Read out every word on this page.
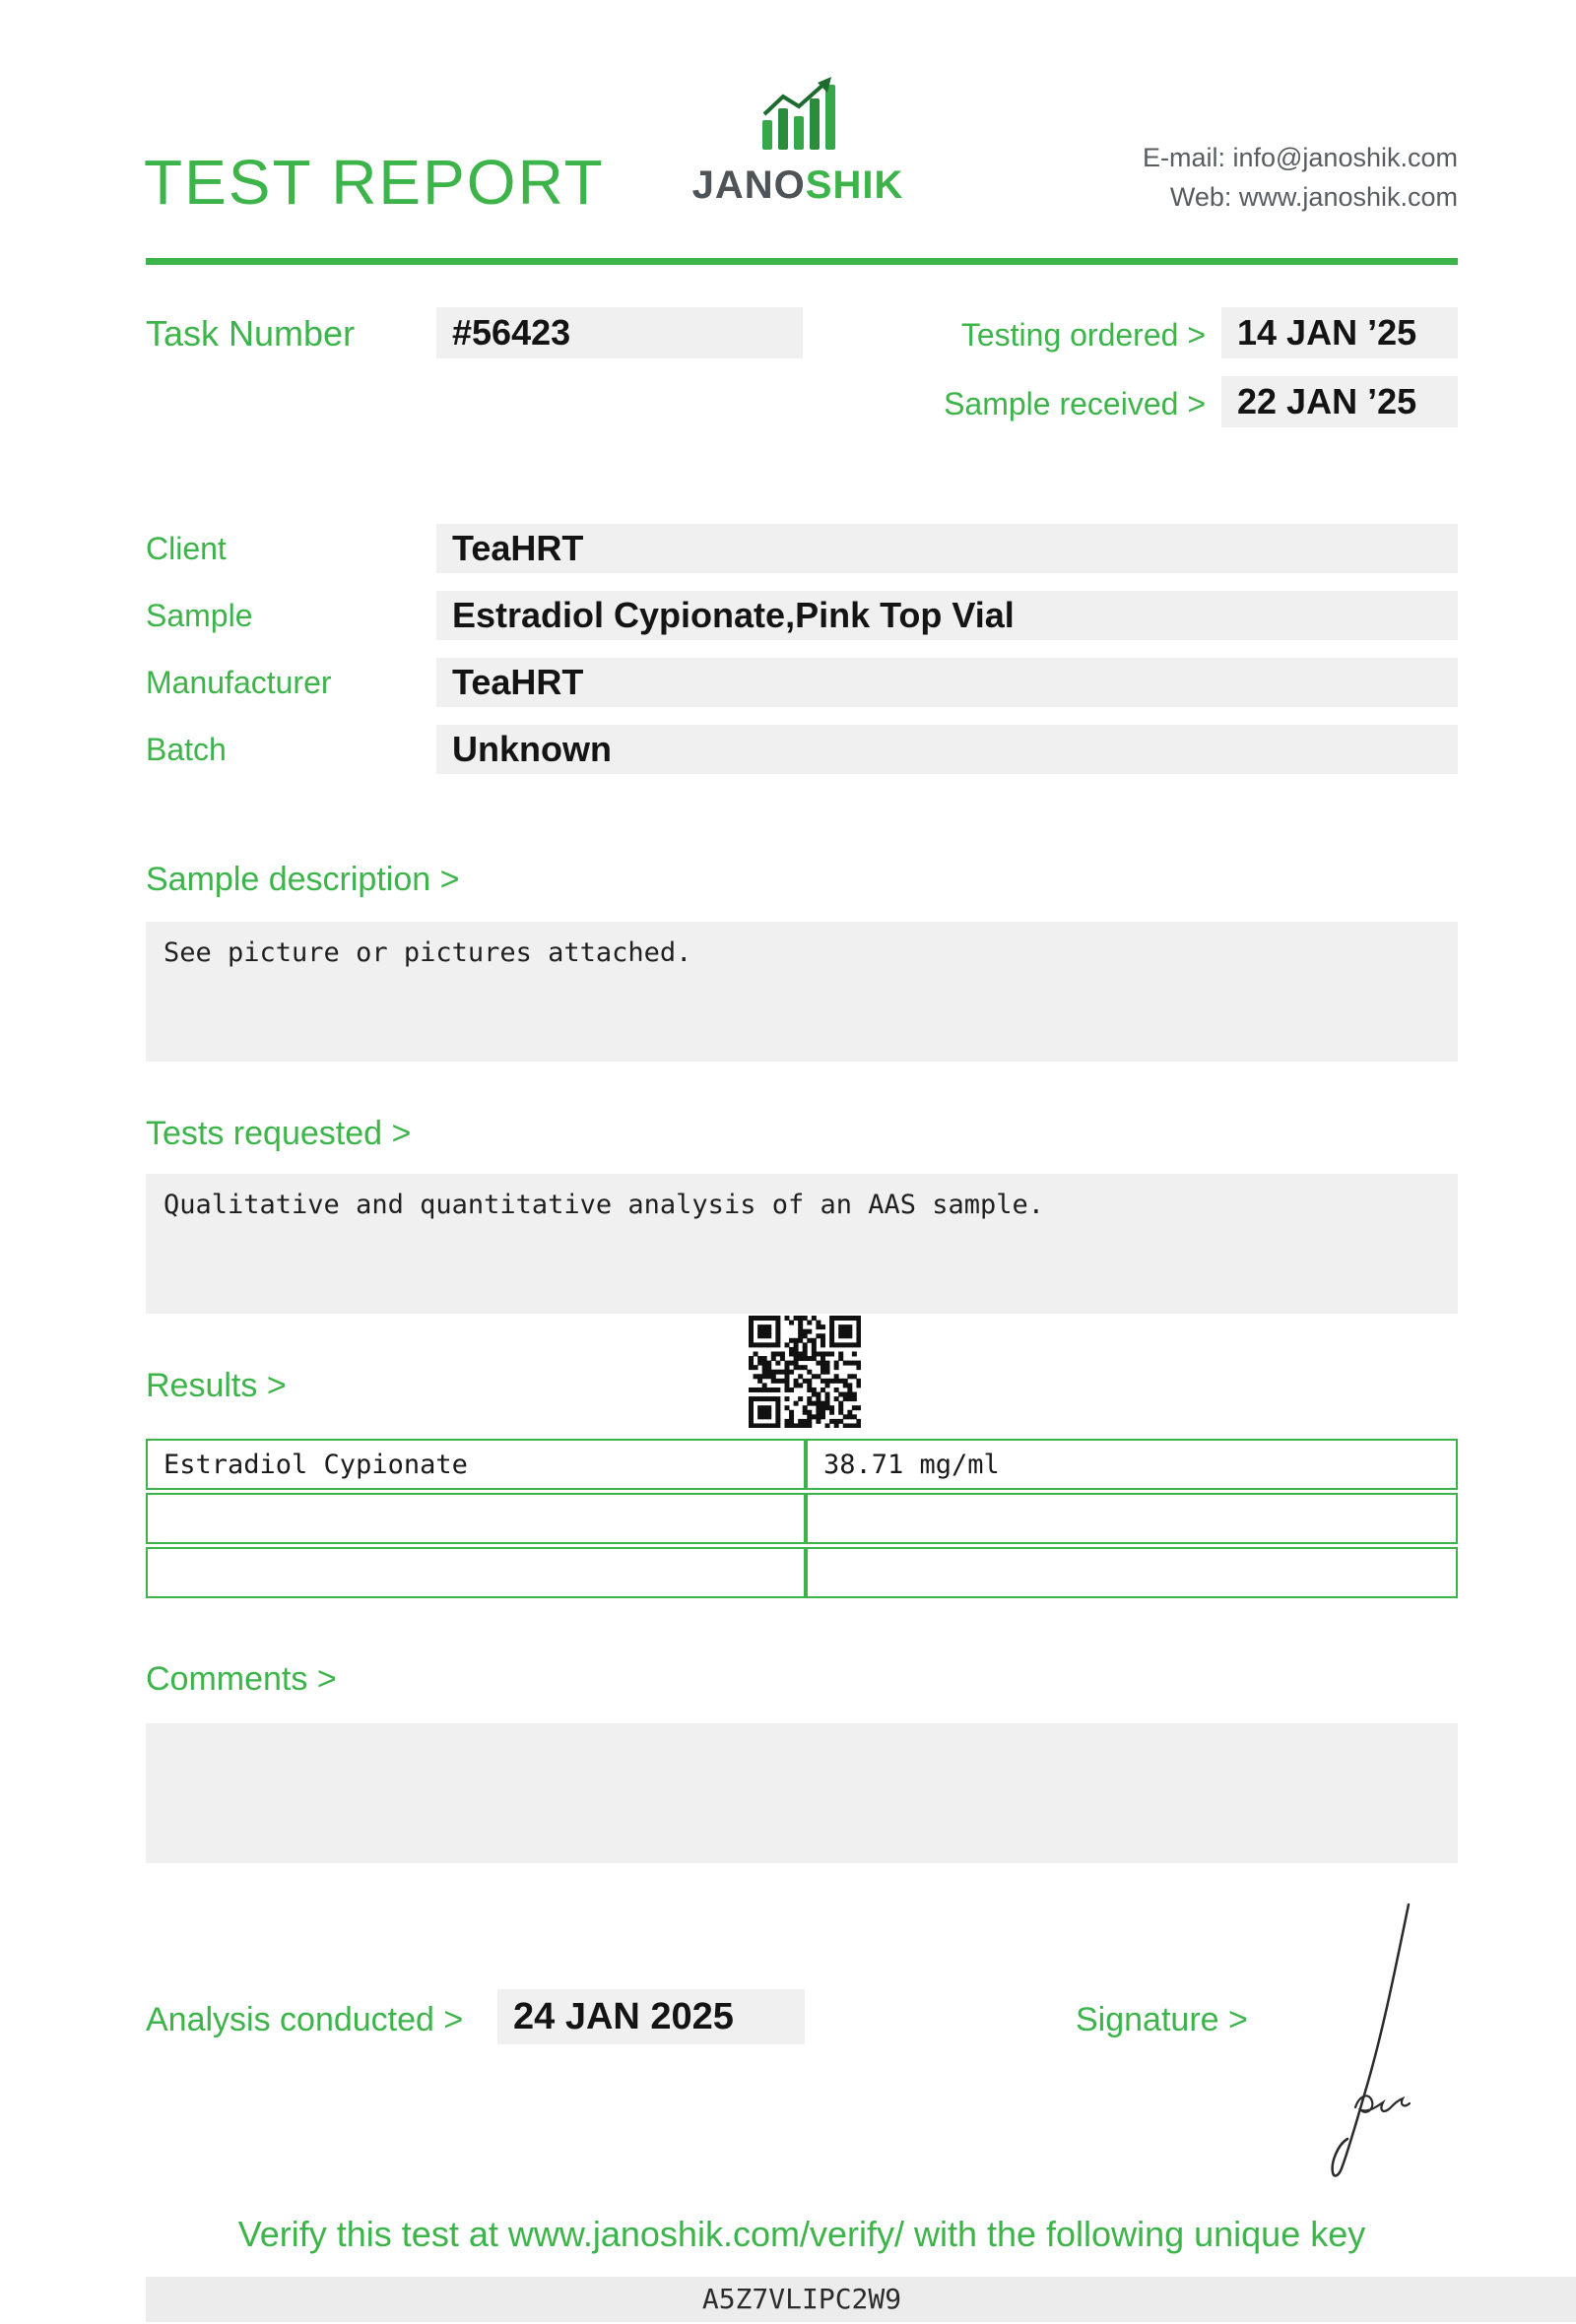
TEST REPORT	JANOSHIK
E-mail: info@janoshik.com
Web: www.janoshik.com
Task Number	#56423	Testing ordered > 14 JAN ’25
Sample received > 22 JAN ’25
Client	TeaHRT
Sample	Estradiol Cypionate,Pink Top Vial
Manufacturer	TeaHRT
Batch	Unknown
Sample description >
See picture or pictures attached.
Tests requested >
Qualitative and quantitative analysis of an AAS sample.
Results >
Estradiol Cypionate	38.71 mg/ml

Comments >
Analysis conducted >	24 JAN 2025	Signature >
Verify this test at www.janoshik.com/verify/ with the following unique key
A5Z7VLIPC2W9
